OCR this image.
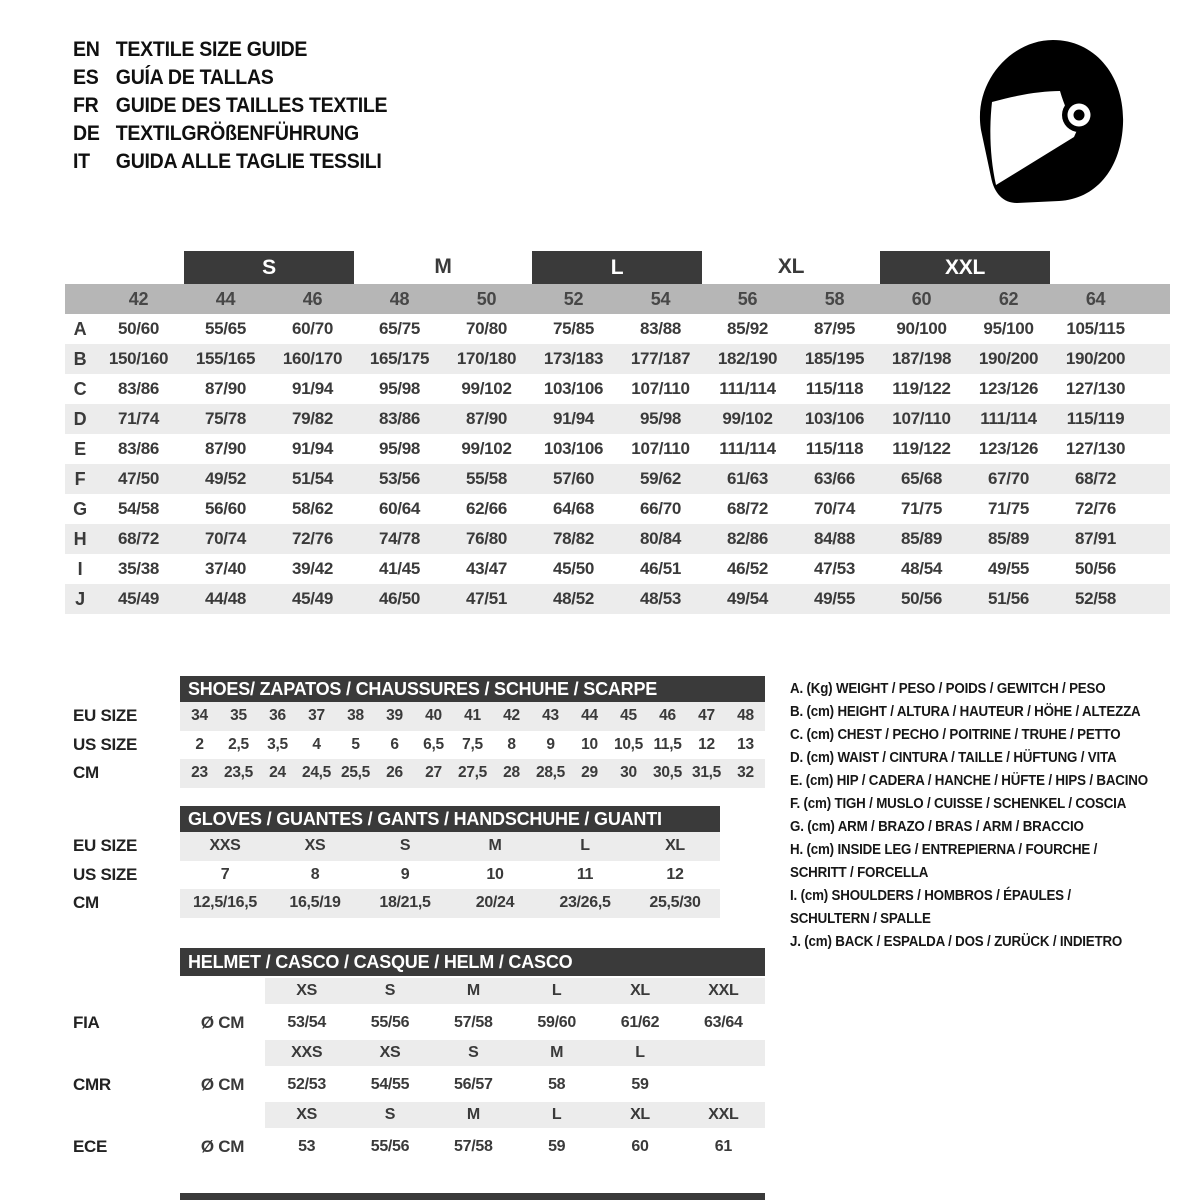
EN TEXTILE SIZE GUIDE
ES GUÍA DE TALLAS
FR GUIDE DES TAILLES TEXTILE
DE TEXTILGRÖßENFÜHRUNG
IT	GUIDA ALLE TAGLIE TESSILI

		S		M		L		XL		XXL			

	42	44	46	48	50	52	54	56	58	60	62	64	
A	50/60	55/65	60/70	65/75	70/80	75/85	83/88	85/92	87/95	90/100	95/100	105/115	
B	150/160	155/165	160/170	165/175	170/180	173/183	177/187	182/190	185/195	187/198	190/200	190/200	
C	83/86	87/90	91/94	95/98	99/102	103/106	107/110	111/114	115/118	119/122	123/126	127/130	
D	71/74	75/78	79/82	83/86	87/90	91/94	95/98	99/102	103/106	107/110	111/114	115/119	
E	83/86	87/90	91/94	95/98	99/102	103/106	107/110	111/114	115/118	119/122	123/126	127/130	
F	47/50	49/52	51/54	53/56	55/58	57/60	59/62	61/63	63/66	65/68	67/70	68/72	
G	54/58	56/60	58/62	60/64	62/66	64/68	66/70	68/72	70/74	71/75	71/75	72/76	
H	68/72	70/74	72/76	74/78	76/80	78/82	80/84	82/86	84/88	85/89	85/89	87/91	
I	35/38	37/40	39/42	41/45	43/47	45/50	46/51	46/52	47/53	48/54	49/55	50/56	
J	45/49	44/48	45/49	46/50	47/51	48/52	48/53	49/54	49/55	50/56	51/56	52/58	
SHOES/ ZAPATOS / CHAUSSURES / SCHUHE / SCARPE
EU SIZE	34	35	36	37	38	39	40	41	42	43	44	45	46	47	48
US SIZE	2	2,5	3,5	4	5	6	6,5	7,5	8	9	10	10,5 11,5	12	13
CM	23	23,5	24	24,5 25,5	26	27	27,5	28	28,5	29	30	30,5 31,5	32
GLOVES / GUANTES / GANTS / HANDSCHUHE / GUANTI
EU SIZE	XXS	XS	S	M	L	XL
US SIZE	7	8	9	10	11	12
CM	12,5/16,5	16,5/19	18/21,5	20/24	23/26,5	25,5/30
HELMET / CASCO / CASQUE / HELM / CASCO
XS	S	M	L	XL	XXL
FIA	Ø CM	53/54	55/56	57/58	59/60	61/62	63/64
XXS	XS	S	M	L
CMR	Ø CM	52/53	54/55	56/57	58	59
XS	S	M	L	XL	XXL
ECE	Ø CM	53	55/56	57/58	59	60	61
A. (Kg) WEIGHT / PESO / POIDS / GEWITCH / PESO
B. (cm) HEIGHT / ALTURA / HAUTEUR / HÖHE / ALTEZZA
C. (cm) CHEST / PECHO / POITRINE / TRUHE / PETTO
D. (cm) WAIST / CINTURA / TAILLE / HÜFTUNG / VITA
E. (cm) HIP / CADERA / HANCHE / HÜFTE / HIPS / BACINO
F. (cm) TIGH / MUSLO / CUISSE / SCHENKEL / COSCIA
G. (cm) ARM / BRAZO / BRAS / ARM / BRACCIO
H. (cm) INSIDE LEG / ENTREPIERNA / FOURCHE /
SCHRITT / FORCELLA
I. (cm) SHOULDERS / HOMBROS / ÉPAULES /
SCHULTERN / SPALLE
J. (cm) BACK / ESPALDA / DOS / ZURÜCK / INDIETRO
